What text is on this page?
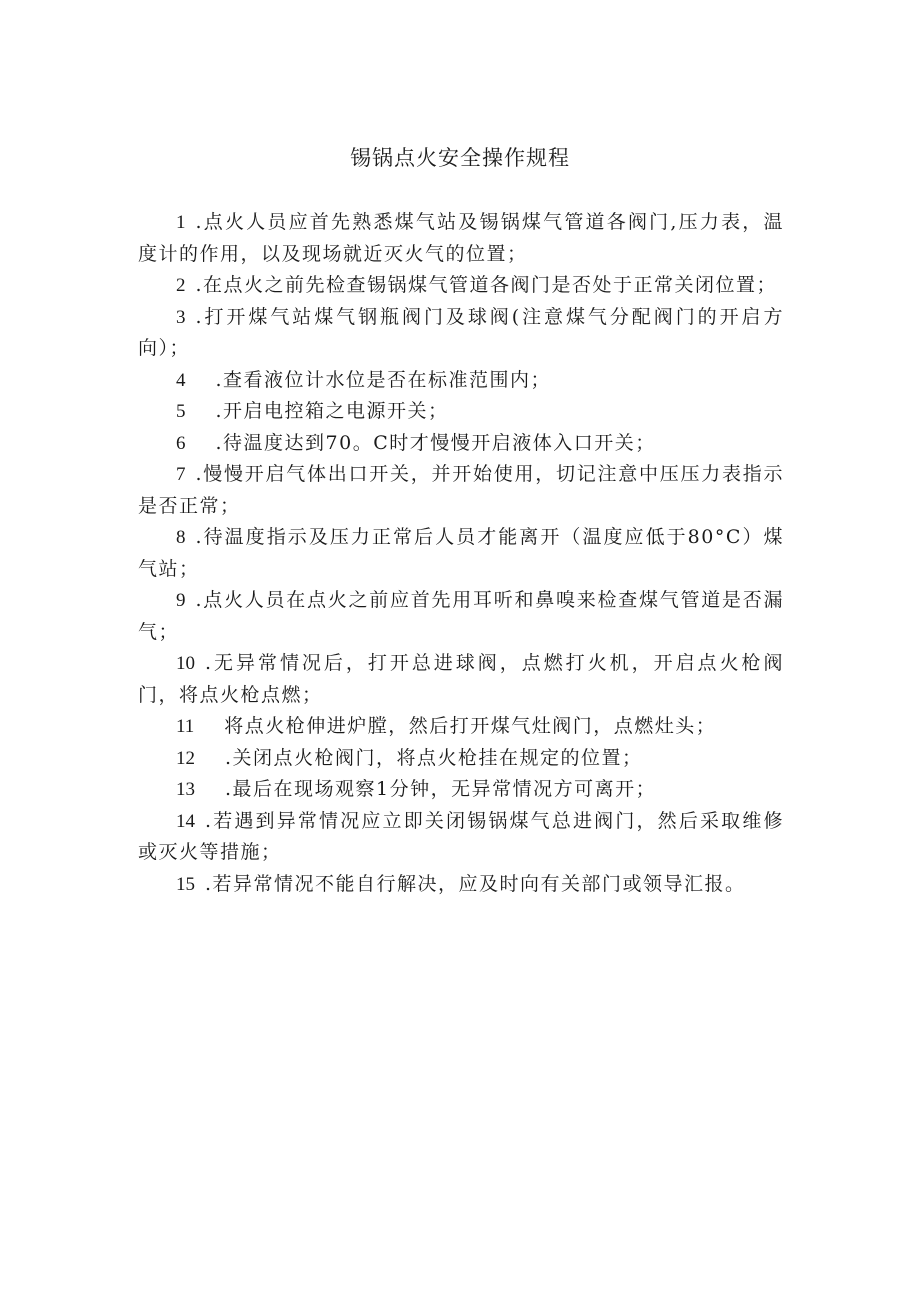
锡锅点火安全操作规程

1 .点火人员应首先熟悉煤气站及锡锅煤气管道各阀门,压力表，温度计的作用，以及现场就近灭火气的位置；

2 .在点火之前先检查锡锅煤气管道各阀门是否处于正常关闭位置；

3 .打开煤气站煤气钢瓶阀门及球阀(注意煤气分配阀门的开启方向）；

4 .查看液位计水位是否在标准范围内；

5 .开启电控箱之电源开关；

6 .待温度达到70。C时才慢慢开启液体入口开关；

7 .慢慢开启气体出口开关，并开始使用，切记注意中压压力表指示是否正常；

8 .待温度指示及压力正常后人员才能离开（温度应低于80°C）煤气站；

9 .点火人员在点火之前应首先用耳听和鼻嗅来检查煤气管道是否漏气；

10 .无异常情况后，打开总进球阀，点燃打火机，开启点火枪阀门，将点火枪点燃；

11 将点火枪伸进炉膛，然后打开煤气灶阀门，点燃灶头；

12 .关闭点火枪阀门，将点火枪挂在规定的位置；

13 .最后在现场观察1分钟，无异常情况方可离开；

14 .若遇到异常情况应立即关闭锡锅煤气总进阀门，然后采取维修或灭火等措施；

15 .若异常情况不能自行解决，应及时向有关部门或领导汇报。
